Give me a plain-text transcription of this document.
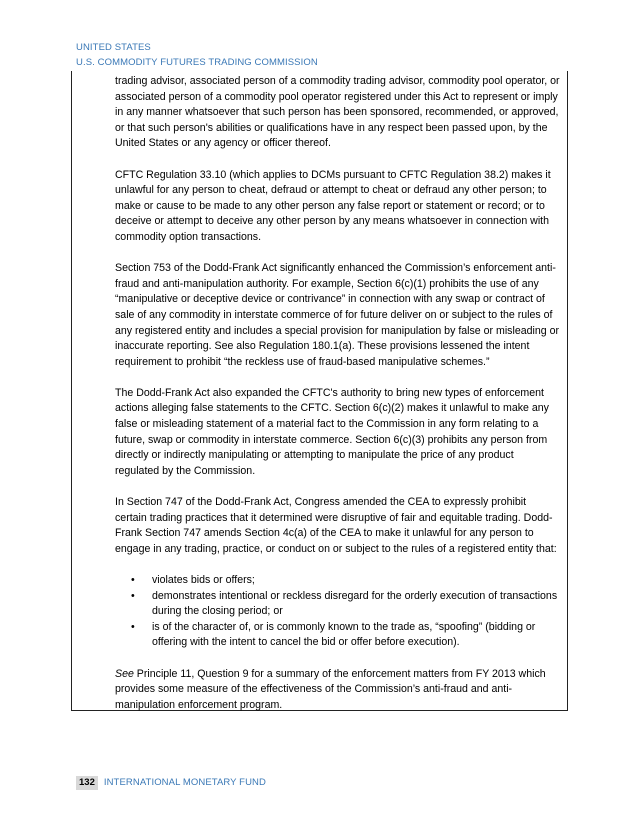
UNITED STATES
U.S. COMMODITY FUTURES TRADING COMMISSION

trading advisor, associated person of a commodity trading advisor, commodity pool operator, or associated person of a commodity pool operator registered under this Act to represent or imply in any manner whatsoever that such person has been sponsored, recommended, or approved, or that such person's abilities or qualifications have in any respect been passed upon, by the United States or any agency or officer thereof.

CFTC Regulation 33.10 (which applies to DCMs pursuant to CFTC Regulation 38.2) makes it unlawful for any person to cheat, defraud or attempt to cheat or defraud any other person; to make or cause to be made to any other person any false report or statement or record; or to deceive or attempt to deceive any other person by any means whatsoever in connection with commodity option transactions.

Section 753 of the Dodd-Frank Act significantly enhanced the Commission’s enforcement anti-fraud and anti-manipulation authority. For example, Section 6(c)(1) prohibits the use of any “manipulative or deceptive device or contrivance” in connection with any swap or contract of sale of any commodity in interstate commerce of for future deliver on or subject to the rules of any registered entity and includes a special provision for manipulation by false or misleading or inaccurate reporting. See also Regulation 180.1(a). These provisions lessened the intent requirement to prohibit “the reckless use of fraud-based manipulative schemes.”

The Dodd-Frank Act also expanded the CFTC's authority to bring new types of enforcement actions alleging false statements to the CFTC. Section 6(c)(2) makes it unlawful to make any false or misleading statement of a material fact to the Commission in any form relating to a future, swap or commodity in interstate commerce. Section 6(c)(3) prohibits any person from directly or indirectly manipulating or attempting to manipulate the price of any product regulated by the Commission.

In Section 747 of the Dodd-Frank Act, Congress amended the CEA to expressly prohibit certain trading practices that it determined were disruptive of fair and equitable trading. Dodd-Frank Section 747 amends Section 4c(a) of the CEA to make it unlawful for any person to engage in any trading, practice, or conduct on or subject to the rules of a registered entity that:

• violates bids or offers;
• demonstrates intentional or reckless disregard for the orderly execution of transactions during the closing period; or
• is of the character of, or is commonly known to the trade as, “spoofing” (bidding or offering with the intent to cancel the bid or offer before execution).

See Principle 11, Question 9 for a summary of the enforcement matters from FY 2013 which provides some measure of the effectiveness of the Commission’s anti-fraud and anti-manipulation enforcement program.

132 INTERNATIONAL MONETARY FUND
